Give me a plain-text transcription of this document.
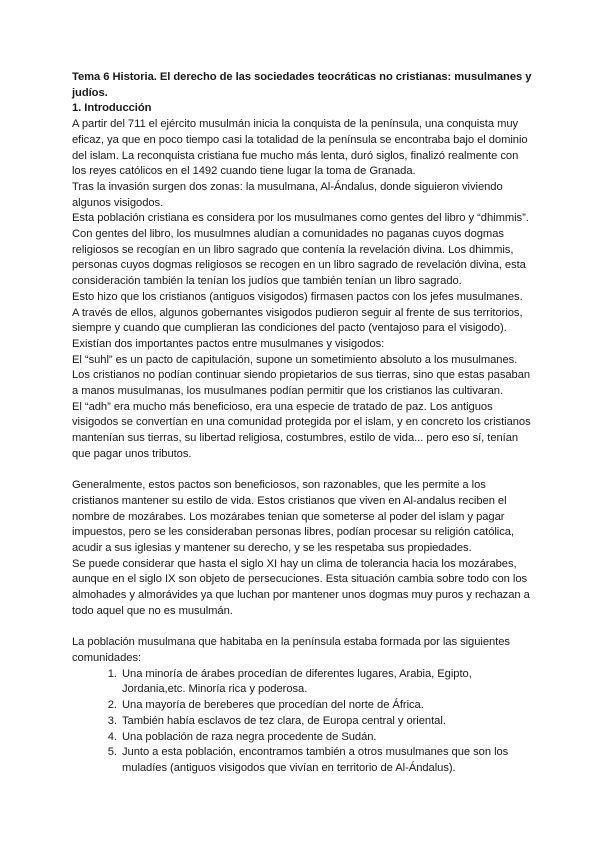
Tema 6 Historia. El derecho de las sociedades teocráticas no cristianas: musulmanes y judíos.

1. Introducción

A partir del 711 el ejército musulmán inicia la conquista de la península, una conquista muy eficaz, ya que en poco tiempo casi la totalidad de la península se encontraba bajo el dominio del islam. La reconquista cristiana fue mucho más lenta, duró siglos, finalizó realmente con los reyes católicos en el 1492 cuando tiene lugar la toma de Granada.

Tras la invasión surgen dos zonas: la musulmana, Al-Ándalus, donde siguieron viviendo algunos visigodos.

Esta población cristiana es considera por los musulmanes como gentes del libro y “dhimmis”. Con gentes del libro, los musulmnes aludían a comunidades no paganas cuyos dogmas religiosos se recogían en un libro sagrado que contenía la revelación divina. Los dhimmis, personas cuyos dogmas religiosos se recogen en un libro sagrado de revelación divina, esta consideración también la tenían los judíos que también tenían un libro sagrado.

Esto hizo que los cristianos (antiguos visigodos) firmasen pactos con los jefes musulmanes.

A través de ellos, algunos gobernantes visigodos pudieron seguir al frente de sus territorios, siempre y cuando que cumplieran las condiciones del pacto (ventajoso para el visigodo).

Existían dos importantes pactos entre musulmanes y visigodos:

El “suhl” es un pacto de capitulación, supone un sometimiento absoluto a los musulmanes. Los cristianos no podían continuar siendo propietarios de sus tierras, sino que estas pasaban a manos musulmanas, los musulmanes podían permitir que los cristianos las cultivaran.

El “adh” era mucho más beneficioso, era una especie de tratado de paz. Los antiguos visigodos se convertían en una comunidad protegida por el islam, y en concreto los cristianos mantenían sus tierras, su libertad religiosa, costumbres, estilo de vida... pero eso sí, tenían que pagar unos tributos.

Generalmente, estos pactos son beneficiosos, son razonables, que les permite a los cristianos mantener su estilo de vida. Estos cristianos que viven en Al-andalus reciben el nombre de mozárabes. Los mozárabes tenian que someterse al poder del islam y pagar impuestos, pero se les consideraban personas libres, podían procesar su religión católica, acudir a sus iglesias y mantener su derecho, y se les respetaba sus propiedades.

Se puede considerar que hasta el siglo XI hay un clima de tolerancia hacia los mozárabes, aunque en el siglo IX son objeto de persecuciones. Esta situación cambia sobre todo con los almohades y almorávides ya que luchan por mantener unos dogmas muy puros y rechazan a todo aquel que no es musulmán.

La población musulmana que habitaba en la península estaba formada por las siguientes comunidades:

1. Una minoría de árabes procedían de diferentes lugares, Arabia, Egipto, Jordania,etc. Minoría rica y poderosa.
2. Una mayoría de bereberes que procedían del norte de África.
3. También había esclavos de tez clara, de Europa central y oriental.
4. Una población de raza negra procedente de Sudán.
5. Junto a esta población, encontramos también a otros musulmanes que son los muladíes (antiguos visigodos que vivían en territorio de Al-Ándalus).
